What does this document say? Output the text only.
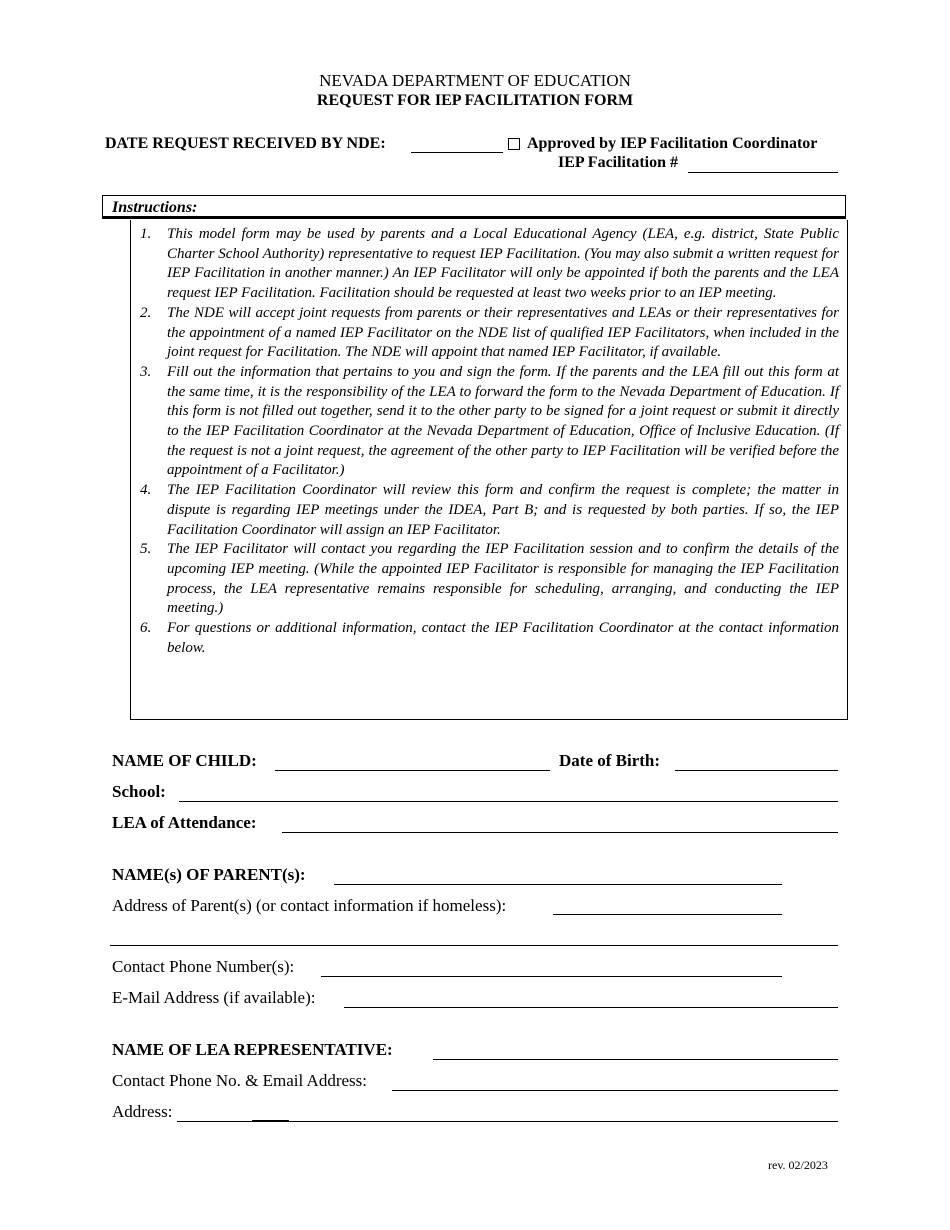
NEVADA DEPARTMENT OF EDUCATION
REQUEST FOR IEP FACILITATION FORM
DATE REQUEST RECEIVED BY NDE:	Approved by IEP Facilitation Coordinator
IEP Facilitation #
Instructions:
1. This model form may be used by parents and a Local Educational Agency (LEA, e.g. district, State Public Charter School Authority) representative to request IEP Facilitation. (You may also submit a written request for IEP Facilitation in another manner.) An IEP Facilitator will only be appointed if both the parents and the LEA request IEP Facilitation. Facilitation should be requested at least two weeks prior to an IEP meeting.
2. The NDE will accept joint requests from parents or their representatives and LEAs or their representatives for the appointment of a named IEP Facilitator on the NDE list of qualified IEP Facilitators, when included in the joint request for Facilitation. The NDE will appoint that named IEP Facilitator, if available.
3. Fill out the information that pertains to you and sign the form. If the parents and the LEA fill out this form at the same time, it is the responsibility of the LEA to forward the form to the Nevada Department of Education. If this form is not filled out together, send it to the other party to be signed for a joint request or submit it directly to the IEP Facilitation Coordinator at the Nevada Department of Education, Office of Inclusive Education. (If the request is not a joint request, the agreement of the other party to IEP Facilitation will be verified before the appointment of a Facilitator.)
4. The IEP Facilitation Coordinator will review this form and confirm the request is complete; the matter in dispute is regarding IEP meetings under the IDEA, Part B; and is requested by both parties. If so, the IEP Facilitation Coordinator will assign an IEP Facilitator.
5. The IEP Facilitator will contact you regarding the IEP Facilitation session and to confirm the details of the upcoming IEP meeting. (While the appointed IEP Facilitator is responsible for managing the IEP Facilitation process, the LEA representative remains responsible for scheduling, arranging, and conducting the IEP meeting.)
6. For questions or additional information, contact the IEP Facilitation Coordinator at the contact information below.
NAME OF CHILD:	Date of Birth:
School:
LEA of Attendance:
NAME(s) OF PARENT(s):
Address of Parent(s) (or contact information if homeless):
Contact Phone Number(s):
E-Mail Address (if available):
NAME OF LEA REPRESENTATIVE:
Contact Phone No. & Email Address:
Address:
rev. 02/2023
